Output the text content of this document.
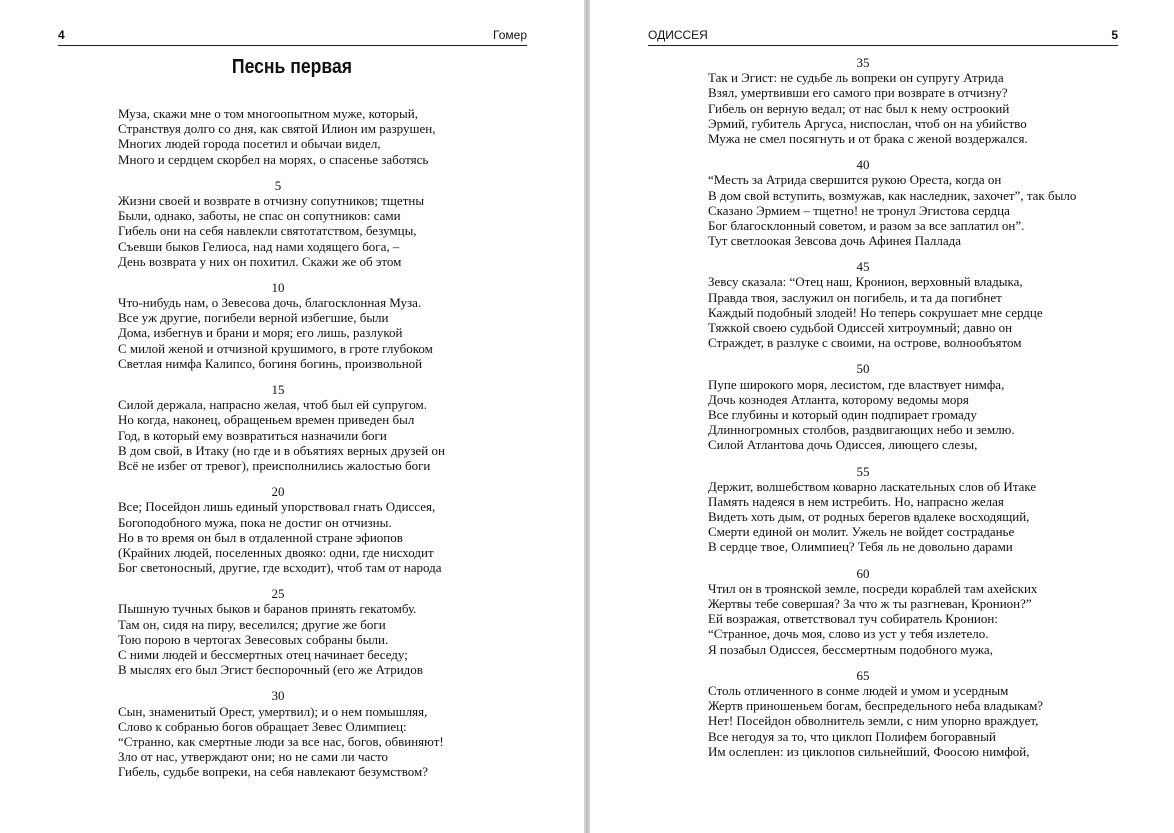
4	Гомер
Песнь первая
Муза, скажи мне о том многоопытном муже, который,
Странствуя долго со дня, как святой Илион им разрушен,
Многих людей города посетил и обычаи видел,
Много и сердцем скорбел на морях, о спасенье заботясь
5
Жизни своей и возврате в отчизну сопутников; тщетны
Были, однако, заботы, не спас он сопутников: сами
Гибель они на себя навлекли святотатством, безумцы,
Съевши быков Гелиоса, над нами ходящего бога, –
День возврата у них он похитил. Скажи же об этом
10
Что-нибудь нам, о Зевесова дочь, благосклонная Муза.
Все уж другие, погибели верной избегшие, были
Дома, избегнув и брани и моря; его лишь, разлукой
С милой женой и отчизной крушимого, в гроте глубоком
Светлая нимфа Калипсо, богиня богинь, произвольной
15
Силой держала, напрасно желая, чтоб был ей супругом.
Но когда, наконец, обращеньем времен приведен был
Год, в который ему возвратиться назначили боги
В дом свой, в Итаку (но где и в объятиях верных друзей он
Всё не избег от тревог), преисполнились жалостью боги
20
Все; Посейдон лишь единый упорствовал гнать Одиссея,
Богоподобного мужа, пока не достиг он отчизны.
Но в то время он был в отдаленной стране эфиопов
(Крайних людей, поселенных двояко: одни, где нисходит
Бог светоносный, другие, где всходит), чтоб там от народа
25
Пышную тучных быков и баранов принять гекатомбу.
Там он, сидя на пиру, веселился; другие же боги
Тою порою в чертогах Зевесовых собраны были.
С ними людей и бессмертных отец начинает беседу;
В мыслях его был Эгист беспорочный (его же Атридов
30
Сын, знаменитый Орест, умертвил); и о нем помышляя,
Слово к собранью богов обращает Зевес Олимпиец:
“Странно, как смертные люди за все нас, богов, обвиняют!
Зло от нас, утверждают они; но не сами ли часто
Гибель, судьбе вопреки, на себя навлекают безумством?
ОДИССЕЯ	5
35
Так и Эгист: не судьбе ль вопреки он супругу Атрида
Взял, умертвивши его самого при возврате в отчизну?
Гибель он верную ведал; от нас был к нему остроокий
Эрмий, губитель Аргуса, ниспослан, чтоб он на убийство
Мужа не смел посягнуть и от брака с женой воздержался.
40
“Месть за Атрида свершится рукою Ореста, когда он
В дом свой вступить, возмужав, как наследник, захочет”, так было
Сказано Эрмием – тщетно! не тронул Эгистова сердца
Бог благосклонный советом, и разом за все заплатил он”.
Тут светлоокая Зевсова дочь Афинея Паллада
45
Зевсу сказала: “Отец наш, Кронион, верховный владыка,
Правда твоя, заслужил он погибель, и та да погибнет
Каждый подобный злодей! Но теперь сокрушает мне сердце
Тяжкой своею судьбой Одиссей хитроумный; давно он
Страждет, в разлуке с своими, на острове, волнообъятом
50
Пупе широкого моря, лесистом, где властвует нимфа,
Дочь кознодея Атланта, которому ведомы моря
Все глубины и который один подпирает громаду
Длинногромных столбов, раздвигающих небо и землю.
Силой Атлантова дочь Одиссея, лиющего слезы,
55
Держит, волшебством коварно ласкательных слов об Итаке
Память надеяся в нем истребить. Но, напрасно желая
Видеть хоть дым, от родных берегов вдалеке восходящий,
Смерти единой он молит. Ужель не войдет состраданье
В сердце твое, Олимпиец? Тебя ль не довольно дарами
60
Чтил он в троянской земле, посреди кораблей там ахейских
Жертвы тебе совершая? За что ж ты разгневан, Кронион?”
Ей возражая, ответствовал туч собиратель Кронион:
“Странное, дочь моя, слово из уст у тебя излетело.
Я позабыл Одиссея, бессмертным подобного мужа,
65
Столь отличенного в сонме людей и умом и усердным
Жертв приношеньем богам, беспредельного неба владыкам?
Нет! Посейдон обволнитель земли, с ним упорно враждует,
Все негодуя за то, что циклоп Полифем богоравный
Им ослеплен: из циклопов сильнейший, Фоосою нимфой,
